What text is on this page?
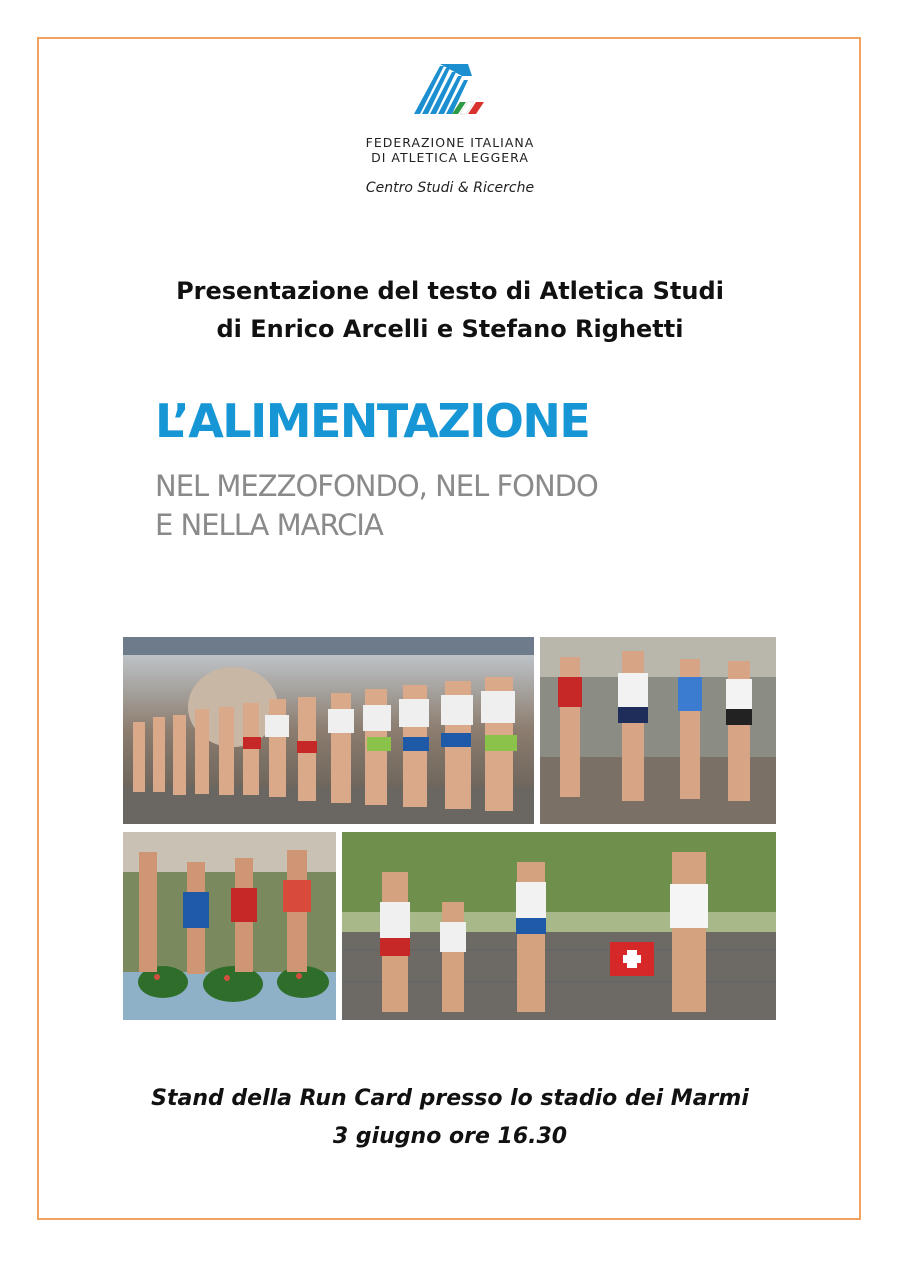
FEDERAZIONE ITALIANA
DI ATLETICA LEGGERA
Centro Studi & Ricerche
Presentazione del testo di Atletica Studi
di Enrico Arcelli e Stefano Righetti
L’ALIMENTAZIONE
NEL MEZZOFONDO, NEL FONDO
E NELLA MARCIA
Stand della Run Card presso lo stadio dei Marmi
3 giugno ore 16.30
